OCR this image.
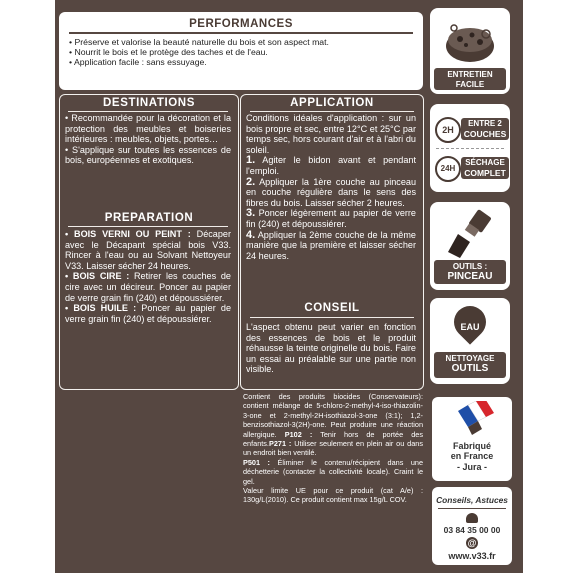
PERFORMANCES
• Préserve et valorise la beauté naturelle du bois et son aspect mat.
• Nourrit le bois et le protège des taches et de l'eau.
• Application facile : sans essuyage.
DESTINATIONS

• Recommandée pour la décoration et la protection des meubles et boiseries intérieures : meubles, objets, portes…

• S'applique sur toutes les essences de bois, européennes et exotiques.

PREPARATION

• BOIS VERNI OU PEINT : Décaper avec le Décapant spécial bois V33. Rincer à l'eau ou au Solvant Nettoyeur V33. Laisser sécher 24 heures.

• BOIS CIRE : Retirer les couches de cire avec un décireur. Poncer au papier de verre grain fin (240) et dépoussiérer.

• BOIS HUILE : Poncer au papier de verre grain fin (240) et dépoussiérer.

APPLICATION

Conditions idéales d'application : sur un bois propre et sec, entre 12°C et 25°C par temps sec, hors courant d'air et à l'abri du soleil.

1. Agiter le bidon avant et pendant l'emploi.

2. Appliquer la 1ère couche au pinceau en couche régulière dans le sens des fibres du bois. Laisser sécher 2 heures.

3. Poncer légèrement au papier de verre fin (240) et dépoussiérer.

4. Appliquer la 2ème couche de la même manière que la première et laisser sécher 24 heures.

CONSEIL
L'aspect obtenu peut varier en fonction des essences de bois et le produit réhausse la teinte originelle du bois. Faire un essai au préalable sur une partie non visible.
ENTRETIEN
FACILE
2H
ENTRE 2
COUCHES
24H
SÉCHAGE
COMPLET
OUTILS :
PINCEAU
EAU
NETTOYAGE
OUTILS

Contient des produits biocides (Conservateurs): contient mélange de 5-chloro-2-methyl-4-iso-thiazolin-3-one et 2-methyl-2H-isothiazol-3-one (3:1); 1,2-benzisothiazol-3(2H)-one. Peut produire une réaction allergique. P102 : Tenir hors de portée des enfants.P271 : Utiliser seulement en plein air ou dans un endroit bien ventilé.

P501 : Éliminer le contenu/récipient dans une déchetterie (contacter la collectivité locale). Craint le gel.

Valeur limite UE pour ce produit (cat A/e) : 130g/L(2010). Ce produit contient max 15g/L COV.

Fabriqué
en France
- Jura -
Conseils, Astuces
03 84 35 00 00
@
www.v33.fr
